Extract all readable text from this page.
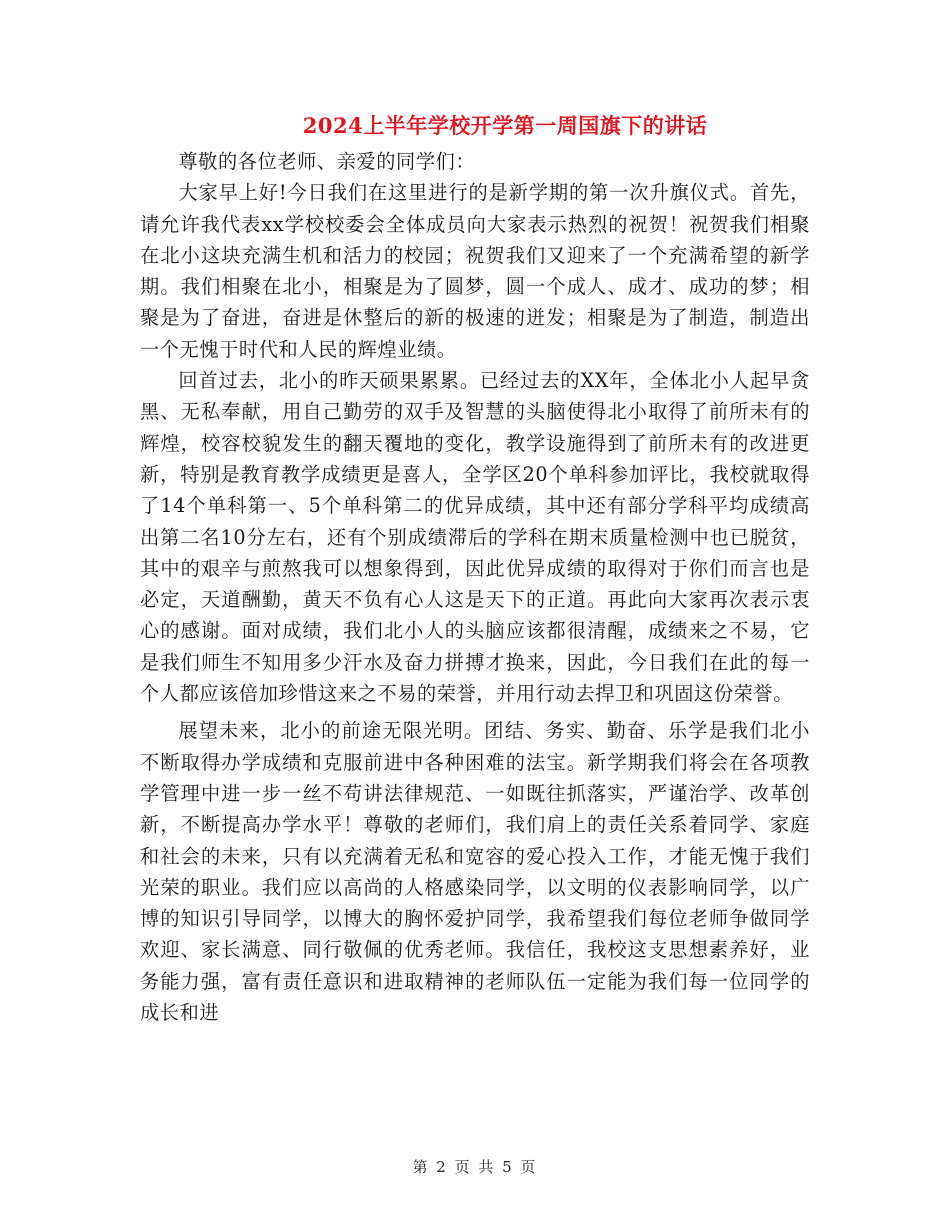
2024上半年学校开学第一周国旗下的讲话

尊敬的各位老师、亲爱的同学们：

大家早上好!今日我们在这里进行的是新学期的第一次升旗仪式。首先，请允许我代表xx学校校委会全体成员向大家表示热烈的祝贺！祝贺我们相聚在北小这块充满生机和活力的校园；祝贺我们又迎来了一个充满希望的新学期。我们相聚在北小，相聚是为了圆梦，圆一个成人、成才、成功的梦；相聚是为了奋进，奋进是休整后的新的极速的迸发；相聚是为了制造，制造出一个无愧于时代和人民的辉煌业绩。

回首过去，北小的昨天硕果累累。已经过去的XX年，全体北小人起早贪黑、无私奉献，用自己勤劳的双手及智慧的头脑使得北小取得了前所未有的辉煌，校容校貌发生的翻天覆地的变化，教学设施得到了前所未有的改进更新，特别是教育教学成绩更是喜人，全学区20个单科参加评比，我校就取得了14个单科第一、5个单科第二的优异成绩，其中还有部分学科平均成绩高出第二名10分左右，还有个别成绩滞后的学科在期末质量检测中也已脱贫，其中的艰辛与煎熬我可以想象得到，因此优异成绩的取得对于你们而言也是必定，天道酬勤，黄天不负有心人这是天下的正道。再此向大家再次表示衷心的感谢。面对成绩，我们北小人的头脑应该都很清醒，成绩来之不易，它是我们师生不知用多少汗水及奋力拼搏才换来，因此，今日我们在此的每一个人都应该倍加珍惜这来之不易的荣誉，并用行动去捍卫和巩固这份荣誉。

展望未来，北小的前途无限光明。团结、务实、勤奋、乐学是我们北小不断取得办学成绩和克服前进中各种困难的法宝。新学期我们将会在各项教学管理中进一步一丝不苟讲法律规范、一如既往抓落实，严谨治学、改革创新，不断提高办学水平！尊敬的老师们，我们肩上的责任关系着同学、家庭和社会的未来，只有以充满着无私和宽容的爱心投入工作，才能无愧于我们光荣的职业。我们应以高尚的人格感染同学，以文明的仪表影响同学，以广博的知识引导同学，以博大的胸怀爱护同学，我希望我们每位老师争做同学欢迎、家长满意、同行敬佩的优秀老师。我信任，我校这支思想素养好，业务能力强，富有责任意识和进取精神的老师队伍一定能为我们每一位同学的成长和进

第 2 页 共 5 页
